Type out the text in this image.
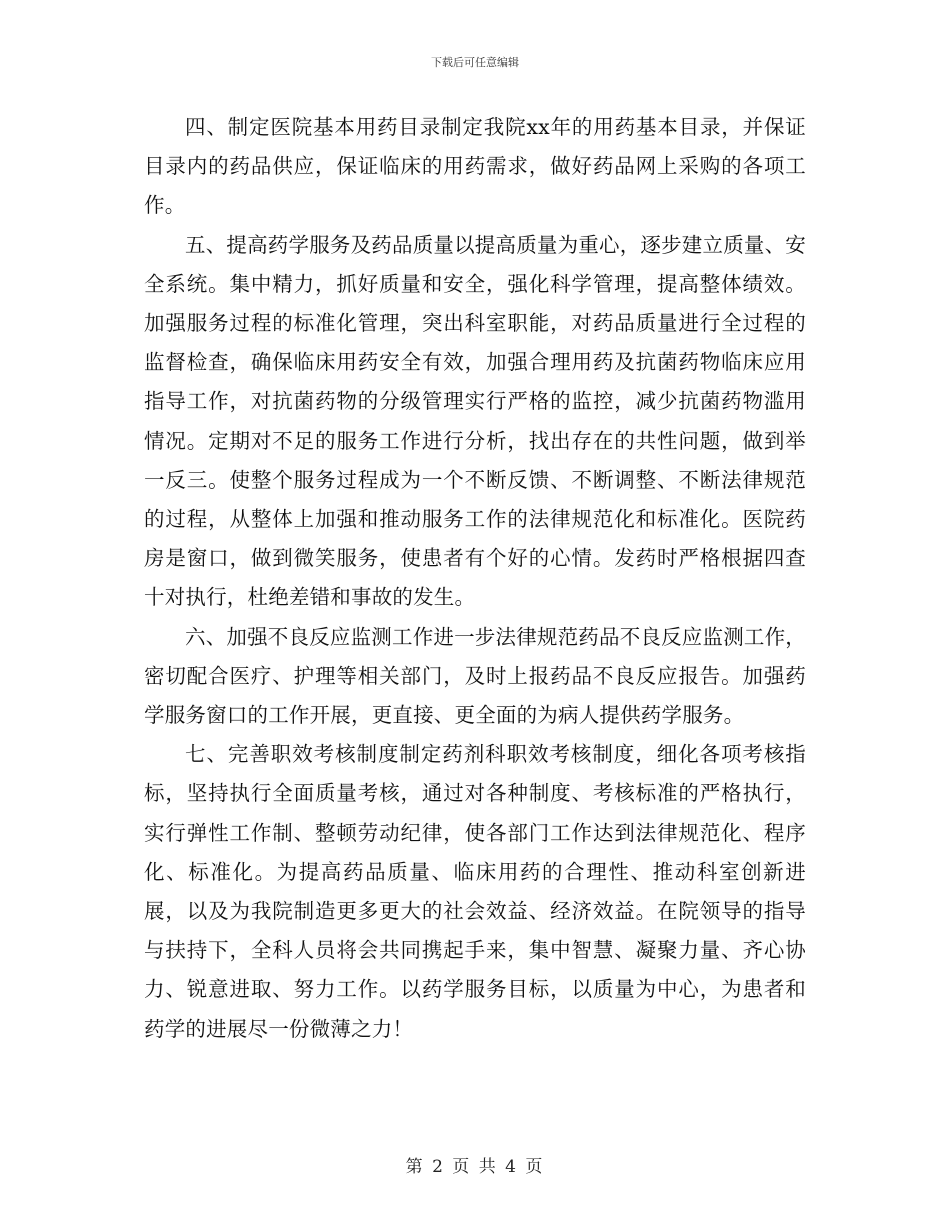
下载后可任意编辑

四、制定医院基本用药目录制定我院xx年的用药基本目录，并保证目录内的药品供应，保证临床的用药需求，做好药品网上采购的各项工作。

五、提高药学服务及药品质量以提高质量为重心，逐步建立质量、安全系统。集中精力，抓好质量和安全，强化科学管理，提高整体绩效。加强服务过程的标准化管理，突出科室职能，对药品质量进行全过程的监督检查，确保临床用药安全有效，加强合理用药及抗菌药物临床应用指导工作，对抗菌药物的分级管理实行严格的监控，减少抗菌药物滥用情况。定期对不足的服务工作进行分析，找出存在的共性问题，做到举一反三。使整个服务过程成为一个不断反馈、不断调整、不断法律规范的过程，从整体上加强和推动服务工作的法律规范化和标准化。医院药房是窗口，做到微笑服务，使患者有个好的心情。发药时严格根据四查十对执行，杜绝差错和事故的发生。

六、加强不良反应监测工作进一步法律规范药品不良反应监测工作，密切配合医疗、护理等相关部门，及时上报药品不良反应报告。加强药学服务窗口的工作开展，更直接、更全面的为病人提供药学服务。

七、完善职效考核制度制定药剂科职效考核制度，细化各项考核指标，坚持执行全面质量考核，通过对各种制度、考核标准的严格执行，实行弹性工作制、整顿劳动纪律，使各部门工作达到法律规范化、程序化、标准化。为提高药品质量、临床用药的合理性、推动科室创新进展，以及为我院制造更多更大的社会效益、经济效益。在院领导的指导与扶持下，全科人员将会共同携起手来，集中智慧、凝聚力量、齐心协力、锐意进取、努力工作。以药学服务目标，以质量为中心，为患者和药学的进展尽一份微薄之力！

第 2 页 共 4 页
